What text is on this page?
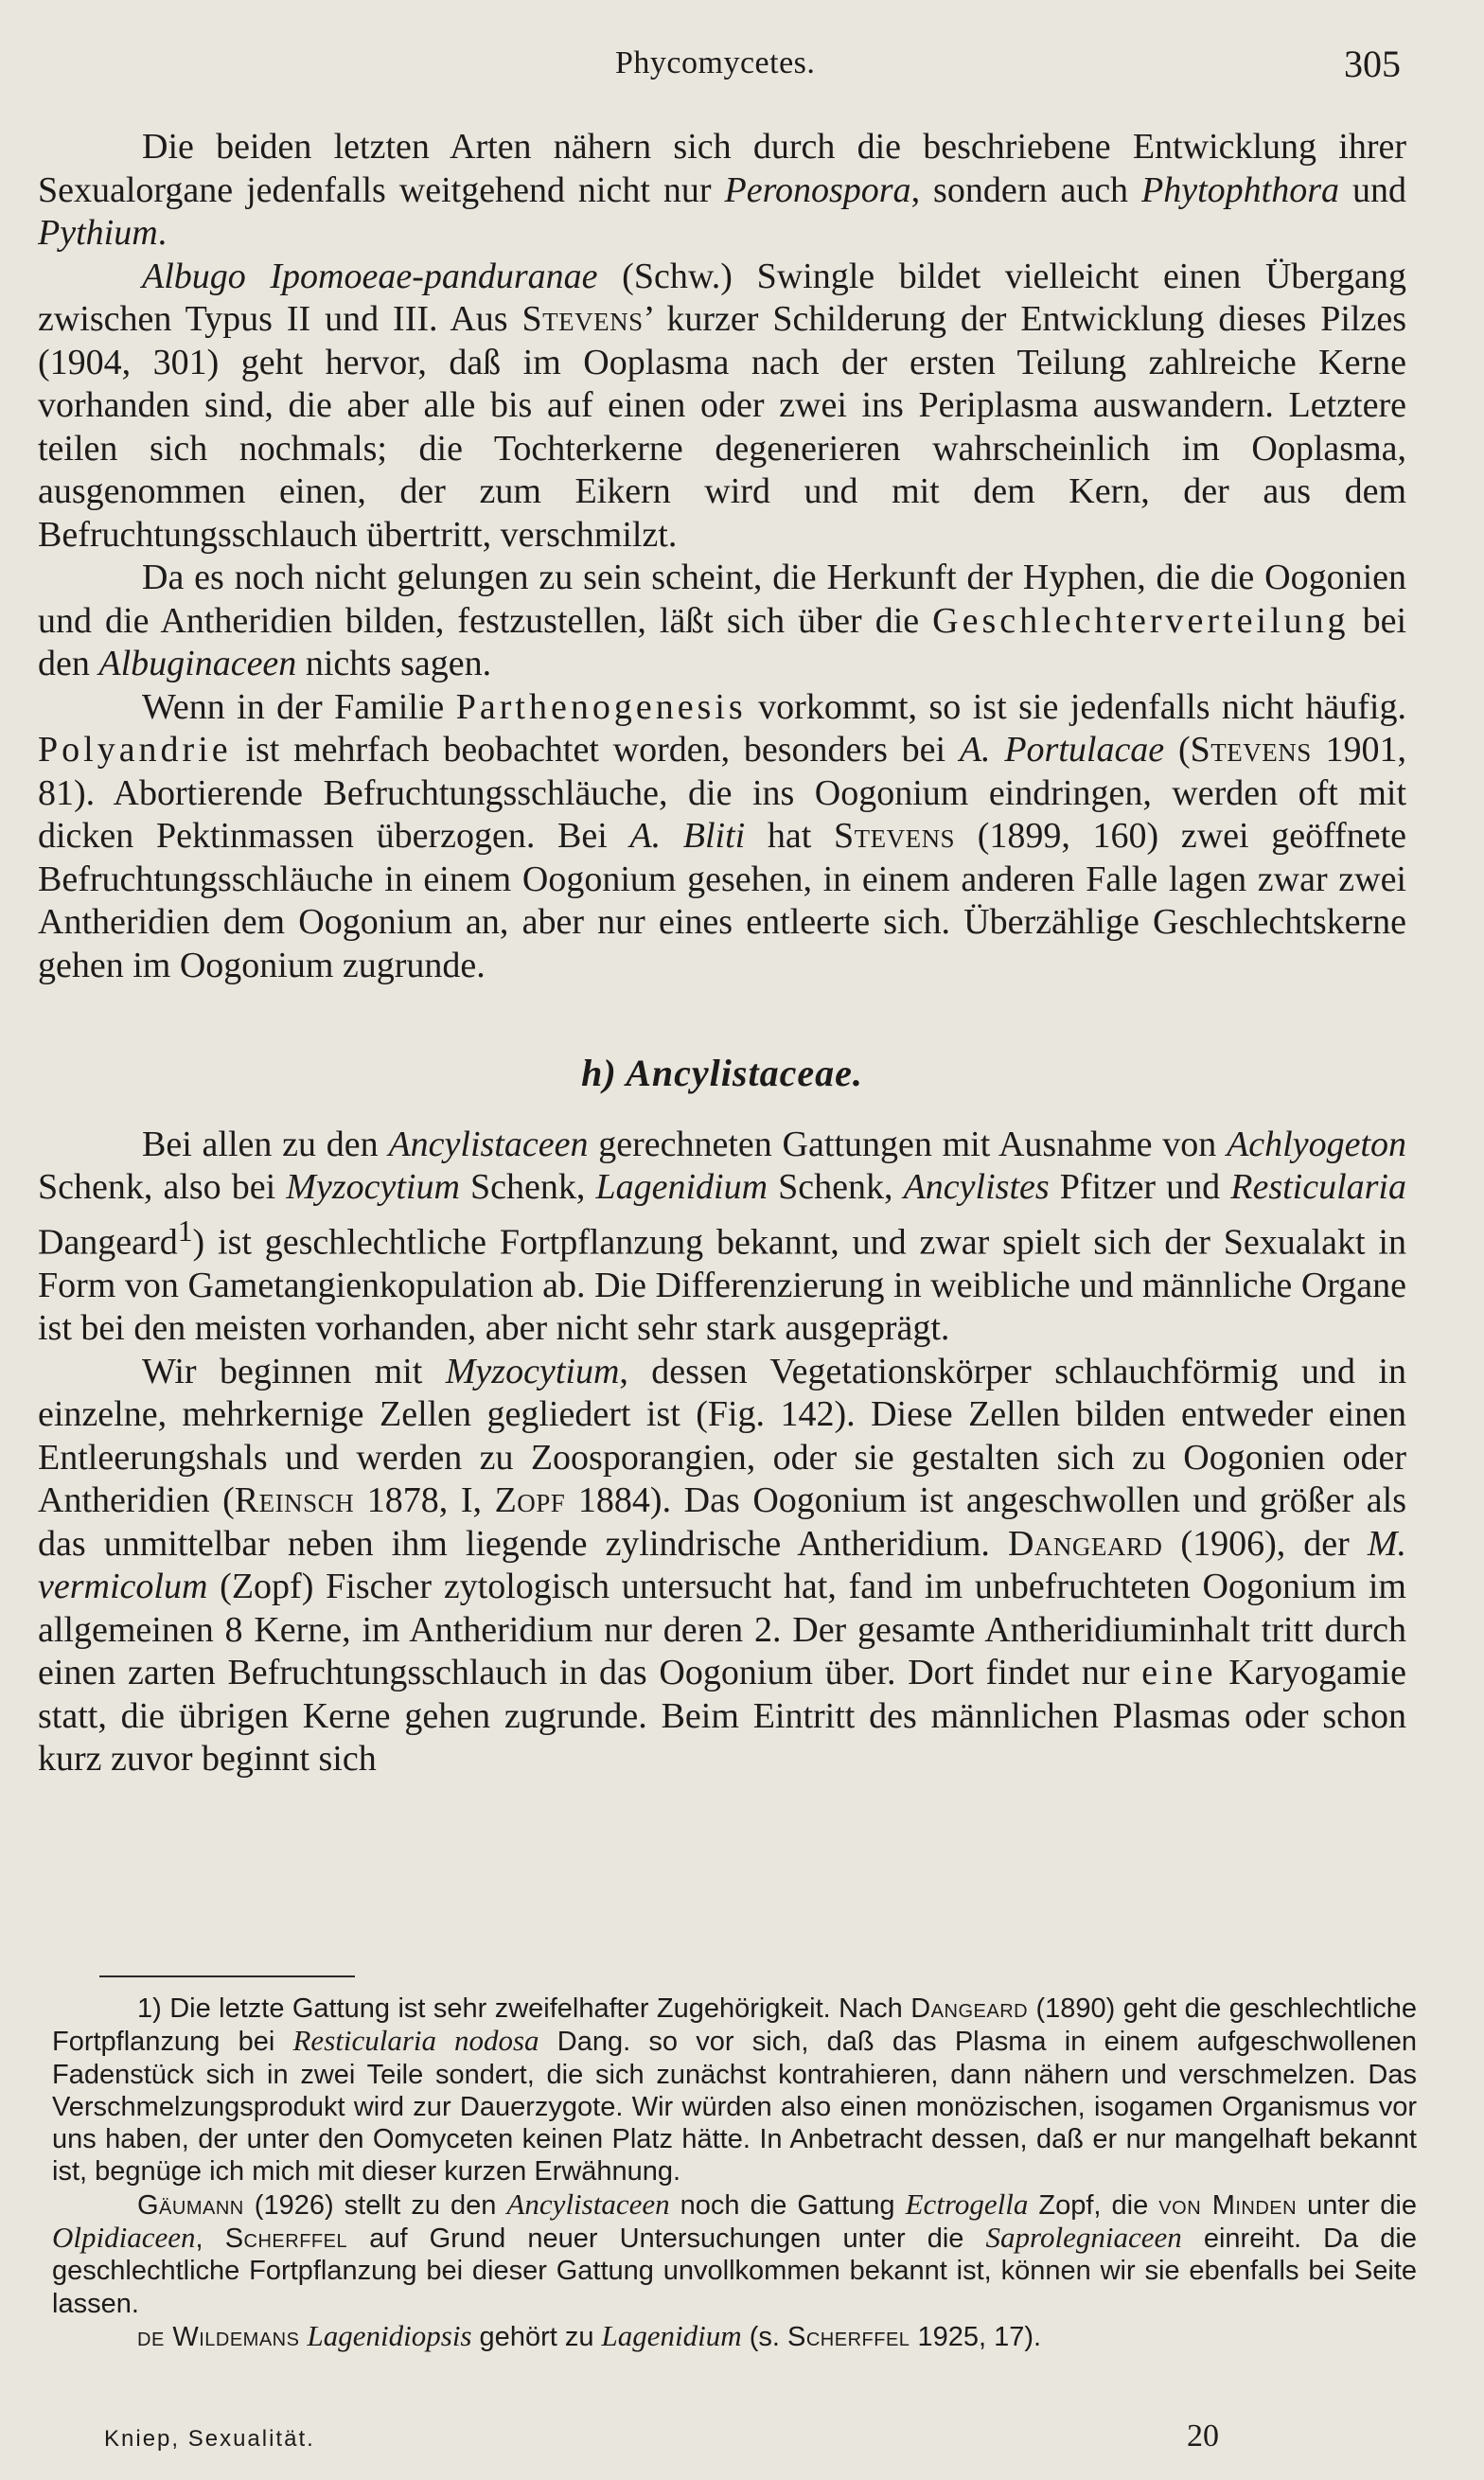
Phycomycetes.	305

Die beiden letzten Arten nähern sich durch die beschriebene Entwicklung ihrer Sexualorgane jedenfalls weitgehend nicht nur Peronospora, sondern auch Phytophthora und Pythium.

Albugo Ipomoeae-panduranae (Schw.) Swingle bildet vielleicht einen Übergang zwischen Typus II und III. Aus Stevens’ kurzer Schilderung der Entwicklung dieses Pilzes (1904, 301) geht hervor, daß im Ooplasma nach der ersten Teilung zahlreiche Kerne vorhanden sind, die aber alle bis auf einen oder zwei ins Periplasma auswandern. Letztere teilen sich nochmals; die Tochterkerne degenerieren wahrscheinlich im Ooplasma, ausgenommen einen, der zum Eikern wird und mit dem Kern, der aus dem Befruchtungsschlauch übertritt, verschmilzt.

Da es noch nicht gelungen zu sein scheint, die Herkunft der Hyphen, die die Oogonien und die Antheridien bilden, festzustellen, läßt sich über die Geschlechterverteilung bei den Albuginaceen nichts sagen.

Wenn in der Familie Parthenogenesis vorkommt, so ist sie jedenfalls nicht häufig. Polyandrie ist mehrfach beobachtet worden, besonders bei A. Portulacae (Stevens 1901, 81). Abortierende Befruchtungsschläuche, die ins Oogonium eindringen, werden oft mit dicken Pektinmassen überzogen. Bei A. Bliti hat Stevens (1899, 160) zwei geöffnete Befruchtungsschläuche in einem Oogonium gesehen, in einem anderen Falle lagen zwar zwei Antheridien dem Oogonium an, aber nur eines entleerte sich. Überzählige Geschlechtskerne gehen im Oogonium zugrunde.

h) Ancylistaceae.

Bei allen zu den Ancylistaceen gerechneten Gattungen mit Ausnahme von Achlyogeton Schenk, also bei Myzocytium Schenk, Lagenidium Schenk, Ancylistes Pfitzer und Resticularia Dangeard$^1$) ist geschlechtliche Fortpflanzung bekannt, und zwar spielt sich der Sexualakt in Form von Gametangienkopulation ab. Die Differenzierung in weibliche und männliche Organe ist bei den meisten vorhanden, aber nicht sehr stark ausgeprägt.

Wir beginnen mit Myzocytium, dessen Vegetationskörper schlauchförmig und in einzelne, mehrkernige Zellen gegliedert ist (Fig. 142). Diese Zellen bilden entweder einen Entleerungshals und werden zu Zoosporangien, oder sie gestalten sich zu Oogonien oder Antheridien (Reinsch 1878, I, Zopf 1884). Das Oogonium ist angeschwollen und größer als das unmittelbar neben ihm liegende zylindrische Antheridium. Dangeard (1906), der M. vermicolum (Zopf) Fischer zytologisch untersucht hat, fand im unbefruchteten Oogonium im allgemeinen 8 Kerne, im Antheridium nur deren 2. Der gesamte Antheridiuminhalt tritt durch einen zarten Befruchtungsschlauch in das Oogonium über. Dort findet nur eine Karyogamie statt, die übrigen Kerne gehen zugrunde. Beim Eintritt des männlichen Plasmas oder schon kurz zuvor beginnt sich

1) Die letzte Gattung ist sehr zweifelhafter Zugehörigkeit. Nach Dangeard (1890) geht die geschlechtliche Fortpflanzung bei Resticularia nodosa Dang. so vor sich, daß das Plasma in einem aufgeschwollenen Fadenstück sich in zwei Teile sondert, die sich zunächst kontrahieren, dann nähern und verschmelzen. Das Verschmelzungsprodukt wird zur Dauerzygote. Wir würden also einen monözischen, isogamen Organismus vor uns haben, der unter den Oomyceten keinen Platz hätte. In Anbetracht dessen, daß er nur mangelhaft bekannt ist, begnüge ich mich mit dieser kurzen Erwähnung.

Gäumann (1926) stellt zu den Ancylistaceen noch die Gattung Ectrogella Zopf, die von Minden unter die Olpidiaceen, Scherffel auf Grund neuer Untersuchungen unter die Saprolegniaceen einreiht. Da die geschlechtliche Fortpflanzung bei dieser Gattung unvollkommen bekannt ist, können wir sie ebenfalls bei Seite lassen.

de Wildemans Lagenidiopsis gehört zu Lagenidium (s. Scherffel 1925, 17).

Kniep, Sexualität.	20
